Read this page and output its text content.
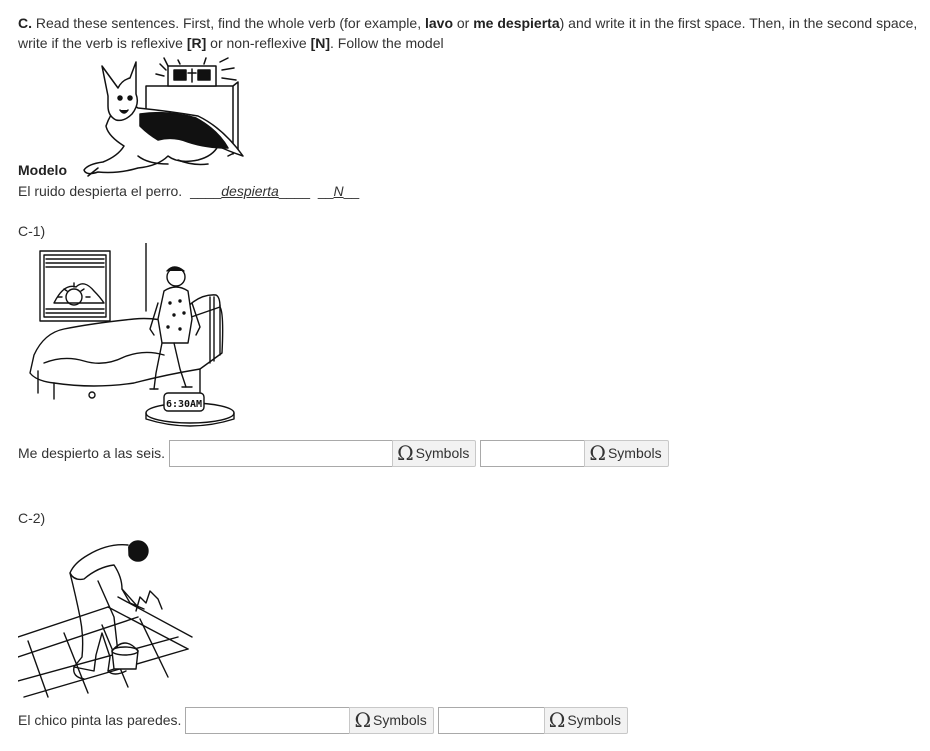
C. Read these sentences. First, find the whole verb (for example, lavo or me despierta) and write it in the first space. Then, in the second space, write if the verb is reflexive [R] or non-reflexive [N]. Follow the model
Modelo
El ruido despierta el perro. ____despierta____ __N__
C-1)
6:30AM
Me despierto a las seis.	Ω Symbols	Ω Symbols
C-2)
El chico pinta las paredes.	Ω Symbols	Ω Symbols
